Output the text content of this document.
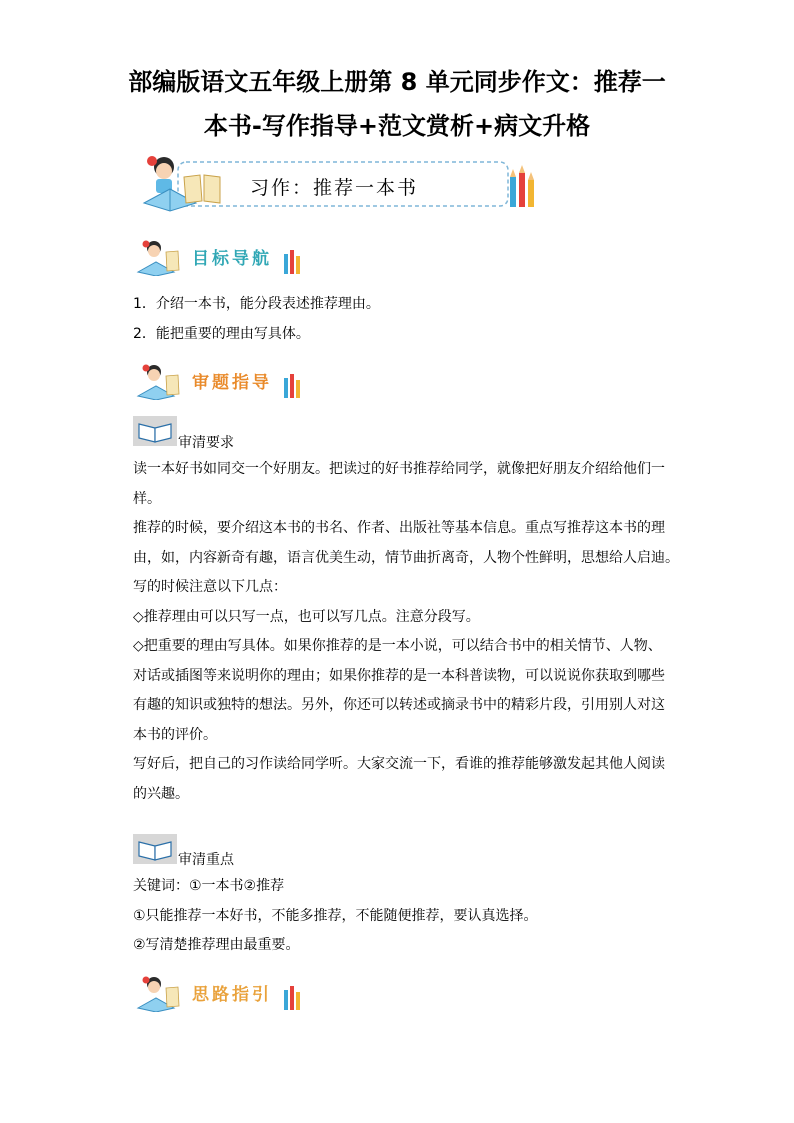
部编版语文五年级上册第 8 单元同步作文：推荐一
本书-写作指导+范文赏析+病文升格
习作：推荐一本书
目标导航
1．介绍一本书，能分段表述推荐理由。
2．能把重要的理由写具体。
审题指导
审清要求
读一本好书如同交一个好朋友。把读过的好书推荐给同学，就像把好朋友介绍给他们一
样。
推荐的时候，要介绍这本书的书名、作者、出版社等基本信息。重点写推荐这本书的理
由，如，内容新奇有趣，语言优美生动，情节曲折离奇，人物个性鲜明，思想给人启迪。
写的时候注意以下几点：
◇推荐理由可以只写一点，也可以写几点。注意分段写。
◇把重要的理由写具体。如果你推荐的是一本小说，可以结合书中的相关情节、人物、
对话或插图等来说明你的理由；如果你推荐的是一本科普读物，可以说说你获取到哪些
有趣的知识或独特的想法。另外，你还可以转述或摘录书中的精彩片段，引用别人对这
本书的评价。
写好后，把自己的习作读给同学听。大家交流一下，看谁的推荐能够激发起其他人阅读
的兴趣。
审清重点
关键词：①一本书②推荐
①只能推荐一本好书，不能多推荐，不能随便推荐，要认真选择。
②写清楚推荐理由最重要。
思路指引
